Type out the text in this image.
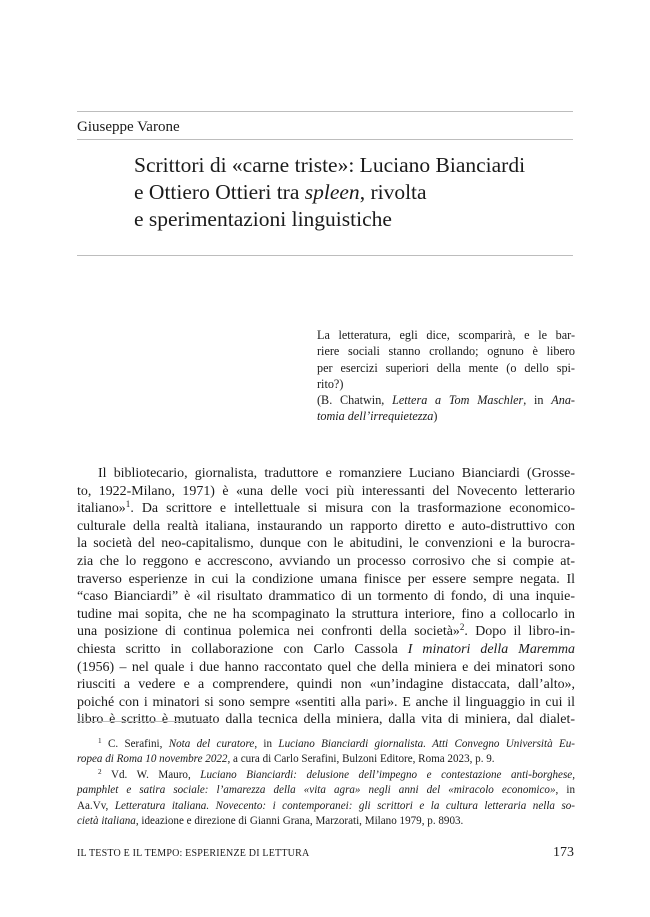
Giuseppe Varone
Scrittori di «carne triste»: Luciano Bianciardi
e Ottiero Ottieri tra spleen, rivolta
e sperimentazioni linguistiche
La letteratura, egli dice, scomparirà, e le bar-
riere sociali stanno crollando; ognuno è libero
per esercizi superiori della mente (o dello spi-
rito?)
(B. Chatwin, Lettera a Tom Maschler, in Ana-
tomia dell’irrequietezza)
Il bibliotecario, giornalista, traduttore e romanziere Luciano Bianciardi (Grosse-
to, 1922-Milano, 1971) è «una delle voci più interessanti del Novecento letterario
italiano»$^1$. Da scrittore e intellettuale si misura con la trasformazione economico-
culturale della realtà italiana, instaurando un rapporto diretto e auto-distruttivo con
la società del neo-capitalismo, dunque con le abitudini, le convenzioni e la burocra-
zia che lo reggono e accrescono, avviando un processo corrosivo che si compie at-
traverso esperienze in cui la condizione umana finisce per essere sempre negata. Il
“caso Bianciardi” è «il risultato drammatico di un tormento di fondo, di una inquie-
tudine mai sopita, che ne ha scompaginato la struttura interiore, fino a collocarlo in
una posizione di continua polemica nei confronti della società»$^2$. Dopo il libro-in-
chiesta scritto in collaborazione con Carlo Cassola I minatori della Maremma
(1956) – nel quale i due hanno raccontato quel che della miniera e dei minatori sono
riusciti a vedere e a comprendere, quindi non «un’indagine distaccata, dall’alto»,
poiché con i minatori si sono sempre «sentiti alla pari». E anche il linguaggio in cui il
libro è scritto è mutuato dalla tecnica della miniera, dalla vita di miniera, dal dialet-
$^1$ C. Serafini, Nota del curatore, in Luciano Bianciardi giornalista. Atti Convegno Università Eu-
ropea di Roma 10 novembre 2022, a cura di Carlo Serafini, Bulzoni Editore, Roma 2023, p. 9.
$^2$ Vd. W. Mauro, Luciano Bianciardi: delusione dell’impegno e contestazione anti-borghese,
pamphlet e satira sociale: l’amarezza della «vita agra» negli anni del «miracolo economico», in
Aa.Vv, Letteratura italiana. Novecento: i contemporanei: gli scrittori e la cultura letteraria nella so-
cietà italiana, ideazione e direzione di Gianni Grana, Marzorati, Milano 1979, p. 8903.
IL TESTO E IL TEMPO: ESPERIENZE DI LETTURA	173
